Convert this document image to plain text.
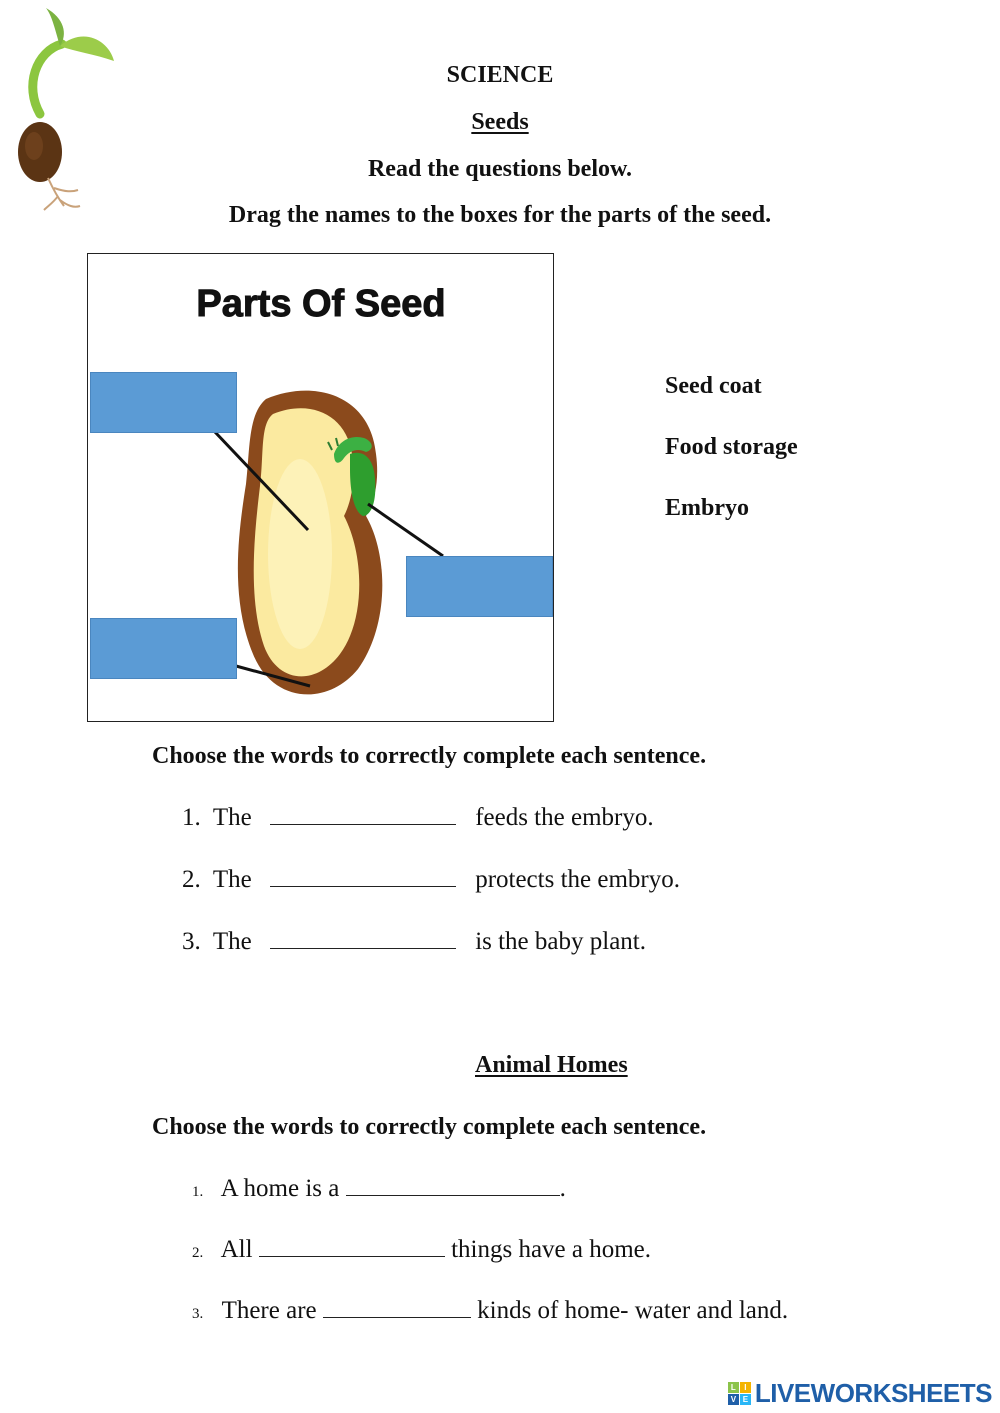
SCIENCE
Seeds
Read the questions below.
Drag the names to the boxes for the parts of the seed.
Parts Of Seed
Seed coat
Food storage
Embryo
Choose the words to correctly complete each sentence.
1. The	feeds the embryo.
2. The	protects the embryo.
3. The	is the baby plant.
Animal Homes
Choose the words to correctly complete each sentence.
1. A home is a	.
2. All	things have a home.
3. There are	kinds of home- water and land.
L	I
V E LIVEWORKSHEETS
